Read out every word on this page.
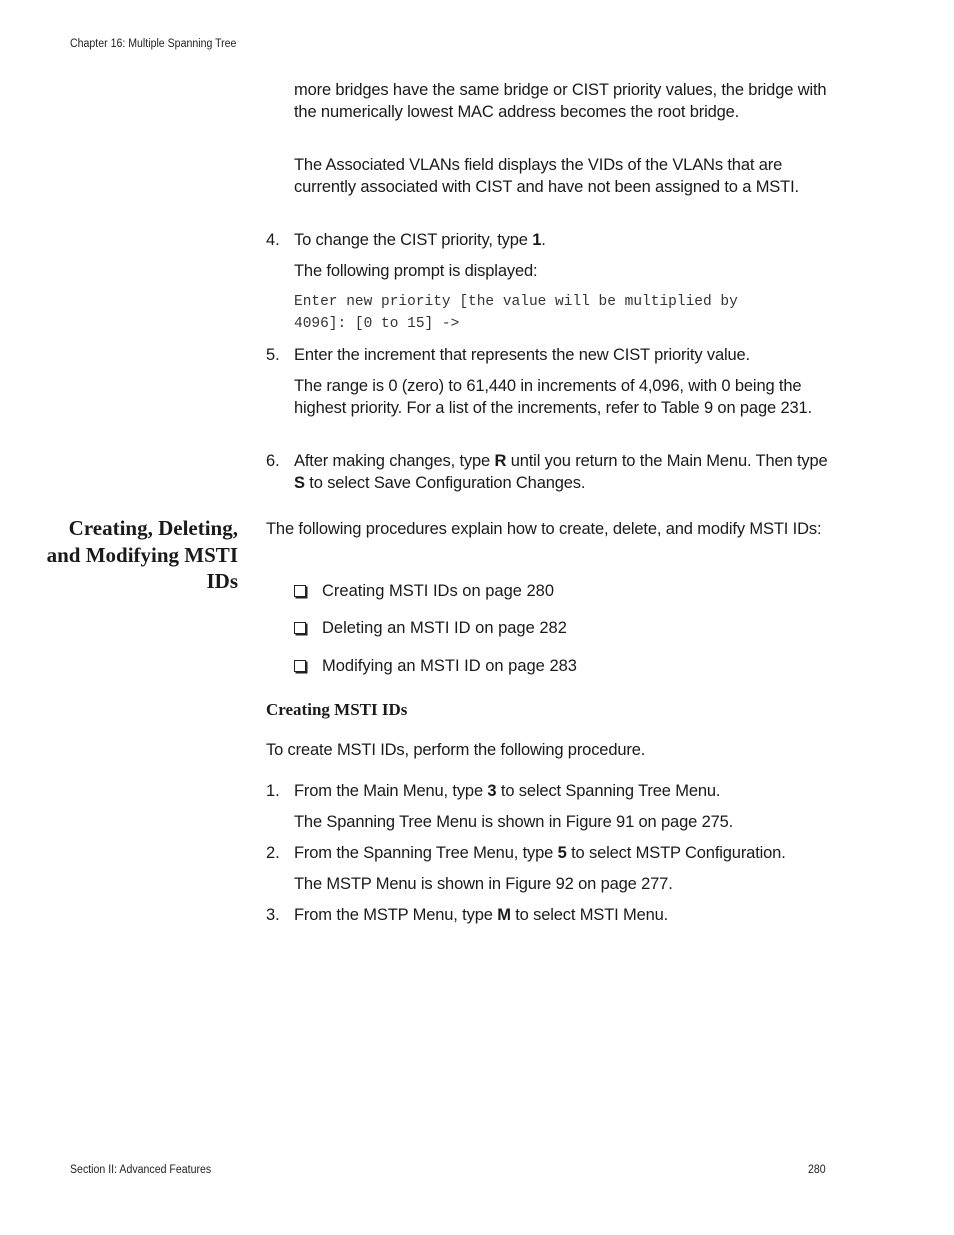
Chapter 16: Multiple Spanning Tree

more bridges have the same bridge or CIST priority values, the bridge with the numerically lowest MAC address becomes the root bridge.

The Associated VLANs field displays the VIDs of the VLANs that are currently associated with CIST and have not been assigned to a MSTI.

4. To change the CIST priority, type 1.

The following prompt is displayed:

Enter new priority [the value will be multiplied by
4096]: [0 to 15] ->
5. Enter the increment that represents the new CIST priority value.

The range is 0 (zero) to 61,440 in increments of 4,096, with 0 being the highest priority. For a list of the increments, refer to Table 9 on page 231.

6. After making changes, type R until you return to the Main Menu. Then type S to select Save Configuration Changes.

Creating, Deleting, and Modifying MSTI IDs

The following procedures explain how to create, delete, and modify MSTI IDs:

Creating MSTI IDs on page 280
Deleting an MSTI ID on page 282
Modifying an MSTI ID on page 283
Creating MSTI IDs

To create MSTI IDs, perform the following procedure.

1. From the Main Menu, type 3 to select Spanning Tree Menu.

The Spanning Tree Menu is shown in Figure 91 on page 275.

2. From the Spanning Tree Menu, type 5 to select MSTP Configuration.

The MSTP Menu is shown in Figure 92 on page 277.

3. From the MSTP Menu, type M to select MSTI Menu.

Section II: Advanced Features	280
